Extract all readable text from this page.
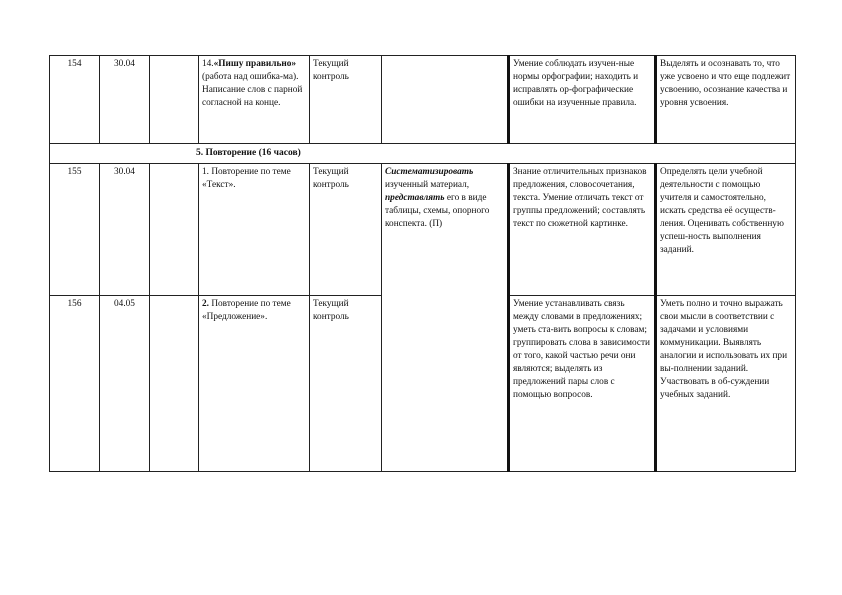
154	30.04		14.«Пишу правильно» (работа над ошибка-ма). Написание слов с парной согласной на конце.	Текущий контроль		Умение соблюдать изучен-ные нормы орфографии; находить и исправлять ор-фографические ошибки на изученные правила.	Выделять и осознавать то, что уже усвоено и что еще подлежит усвоению, осознание качества и уровня усвоения.

5. Повторение (16 часов)							

155	30.04		1. Повторение по теме «Текст».	Текущий контроль	Систематизировать изученный материал, представлять его в виде таблицы, схемы, опорного конспекта. (П)	Знание отличительных признаков предложения, словосочетания, текста. Умение отличать текст от группы предложений; составлять текст по сюжетной картинке.	Определять цели учебной деятельности с помощью учителя и самостоятельно, искать средства её осуществ-ления. Оценивать собственную успеш-ность выполнения заданий.
156	04.05		2. Повторение по теме «Предложение».	Текущий контроль		Умение устанавливать связь между словами в предложениях; уметь ста-вить вопросы к словам; группировать слова в зависимости от того, какой частью речи они являются; выделять из предложений пары слов с помощью вопросов.	Уметь полно и точно выражать свои мысли в соответствии с задачами и условиями коммуникации. Выявлять аналогии и использовать их при вы-полнении заданий. Участвовать в об-суждении учебных заданий.
